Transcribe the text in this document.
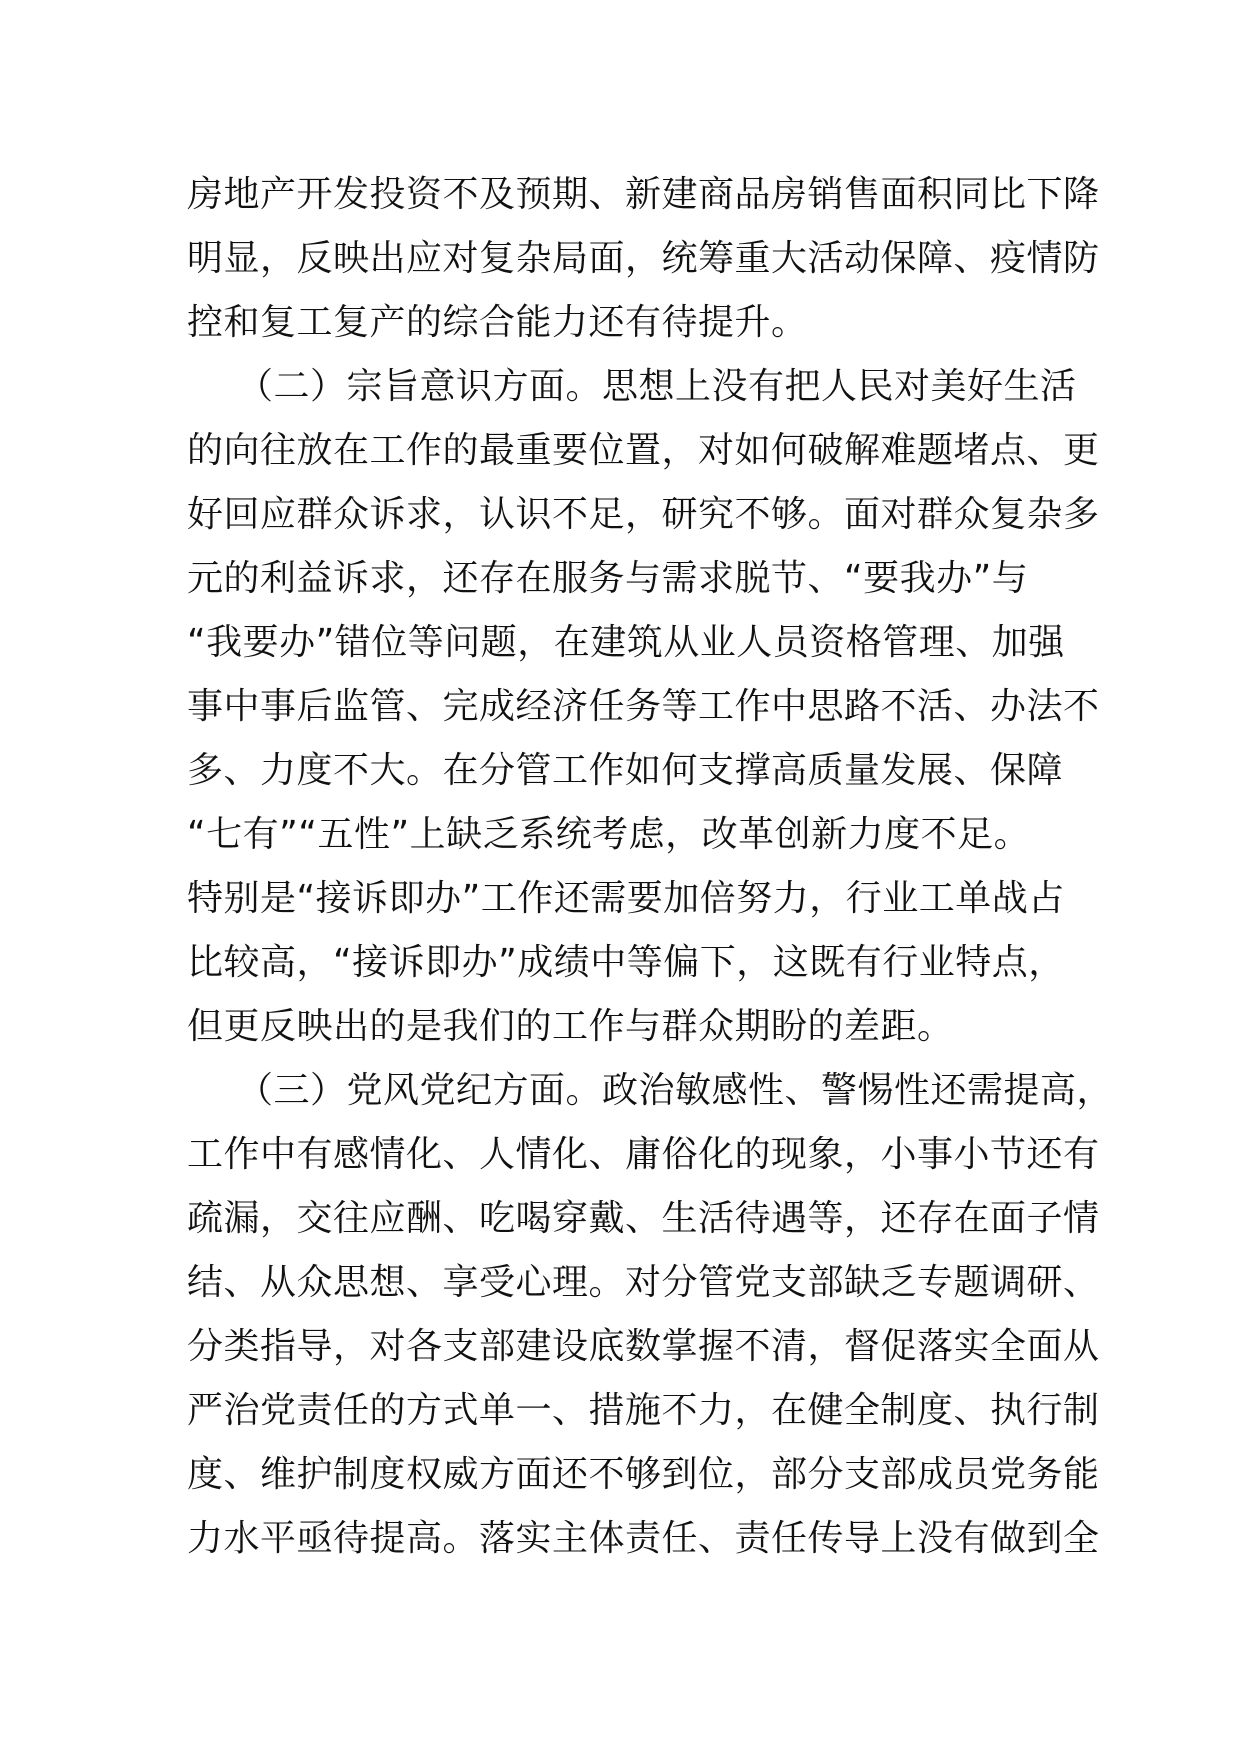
房地产开发投资不及预期、新建商品房销售面积同比下降
明显，反映出应对复杂局面，统筹重大活动保障、疫情防
控和复工复产的综合能力还有待提升。
（二）宗旨意识方面。思想上没有把人民对美好生活
的向往放在工作的最重要位置，对如何破解难题堵点、更
好回应群众诉求，认识不足，研究不够。面对群众复杂多
元的利益诉求，还存在服务与需求脱节、“要我办”与
“我要办”错位等问题，在建筑从业人员资格管理、加强
事中事后监管、完成经济任务等工作中思路不活、办法不
多、力度不大。在分管工作如何支撑高质量发展、保障
“七有”“五性”上缺乏系统考虑，改革创新力度不足。
特别是“接诉即办”工作还需要加倍努力，行业工单战占
比较高，“接诉即办”成绩中等偏下，这既有行业特点，
但更反映出的是我们的工作与群众期盼的差距。
（三）党风党纪方面。政治敏感性、警惕性还需提高，
工作中有感情化、人情化、庸俗化的现象，小事小节还有
疏漏，交往应酬、吃喝穿戴、生活待遇等，还存在面子情
结、从众思想、享受心理。对分管党支部缺乏专题调研、
分类指导，对各支部建设底数掌握不清，督促落实全面从
严治党责任的方式单一、措施不力，在健全制度、执行制
度、维护制度权威方面还不够到位，部分支部成员党务能
力水平亟待提高。落实主体责任、责任传导上没有做到全
